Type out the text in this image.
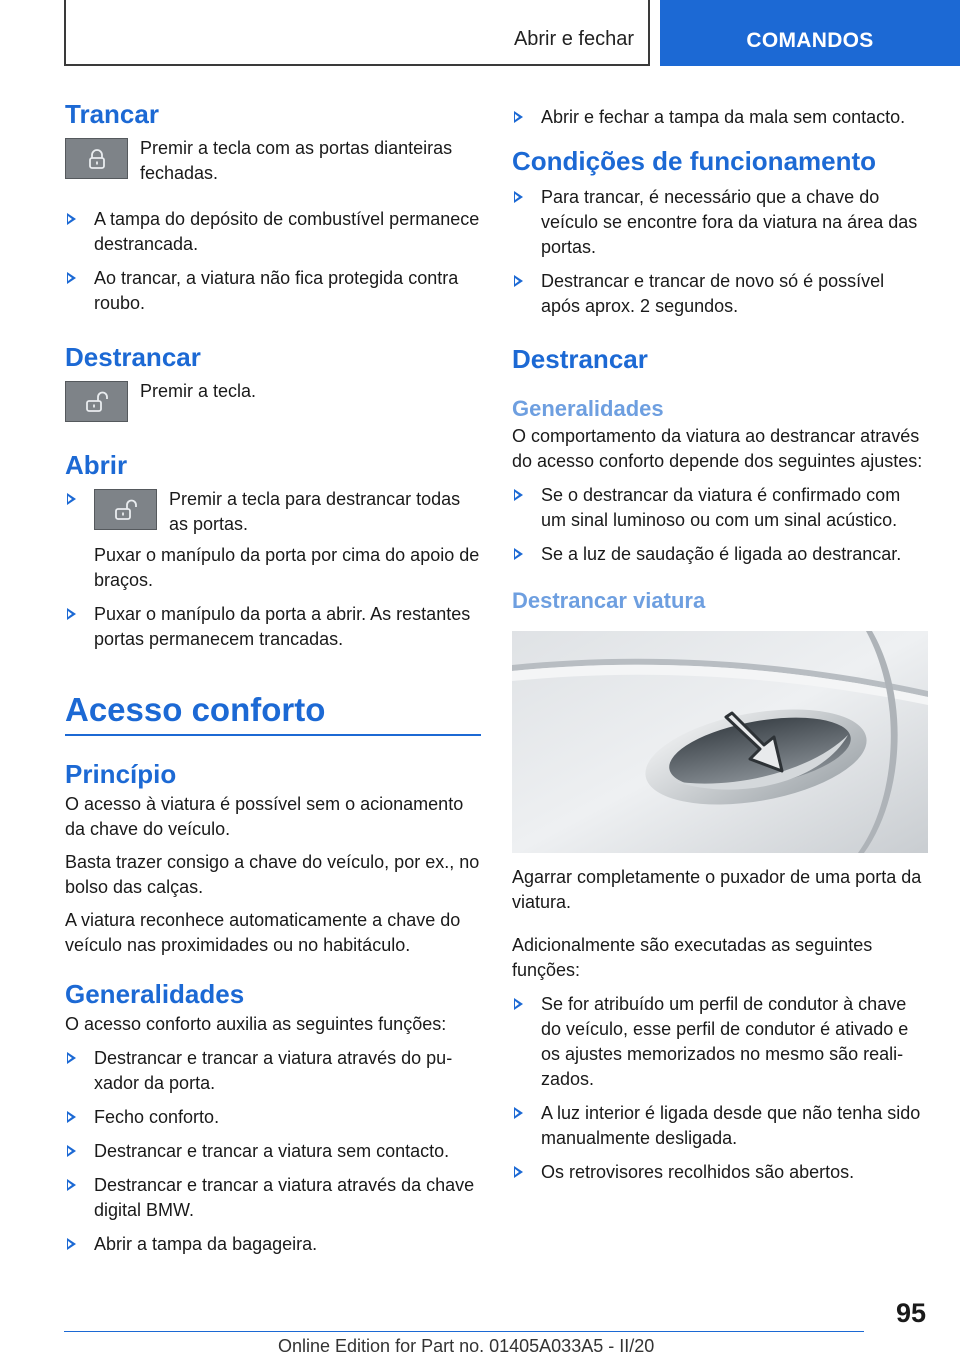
Abrir e fechar	COMANDOS
Trancar
Premir a tecla com as portas dianteiras fechadas.
A tampa do depósito de combustível permanece destrancada.
Ao trancar, a viatura não fica protegida contra roubo.
Destrancar
Premir a tecla.
Abrir
Premir a tecla para destrancar todas as portas.
Puxar o manípulo da porta por cima do apoio de braços.
Puxar o manípulo da porta a abrir. As restantes portas permanecem trancadas.
Acesso conforto
Princípio
O acesso à viatura é possível sem o acionamento da chave do veículo.
Basta trazer consigo a chave do veículo, por ex., no bolso das calças.
A viatura reconhece automaticamente a chave do veículo nas proximidades ou no habitáculo.
Generalidades
O acesso conforto auxilia as seguintes funções:
Destrancar e trancar a viatura através do puxador da porta.
Fecho conforto.
Destrancar e trancar a viatura sem contacto.
Destrancar e trancar a viatura através da chave digital BMW.
Abrir a tampa da bagageira.
Abrir e fechar a tampa da mala sem contacto.
Condições de funcionamento
Para trancar, é necessário que a chave do veículo se encontre fora da viatura na área das portas.
Destrancar e trancar de novo só é possível após aprox. 2 segundos.
Destrancar
Generalidades
O comportamento da viatura ao destrancar através do acesso conforto depende dos seguintes ajustes:
Se o destrancar da viatura é confirmado com um sinal luminoso ou com um sinal acústico.
Se a luz de saudação é ligada ao destrancar.
Destrancar viatura
Agarrar completamente o puxador de uma porta da viatura.
Adicionalmente são executadas as seguintes funções:
Se for atribuído um perfil de condutor à chave do veículo, esse perfil de condutor é ativado e os ajustes memorizados no mesmo são realizados.
A luz interior é ligada desde que não tenha sido manualmente desligada.
Os retrovisores recolhidos são abertos.
95
Online Edition for Part no. 01405A033A5 - II/20
